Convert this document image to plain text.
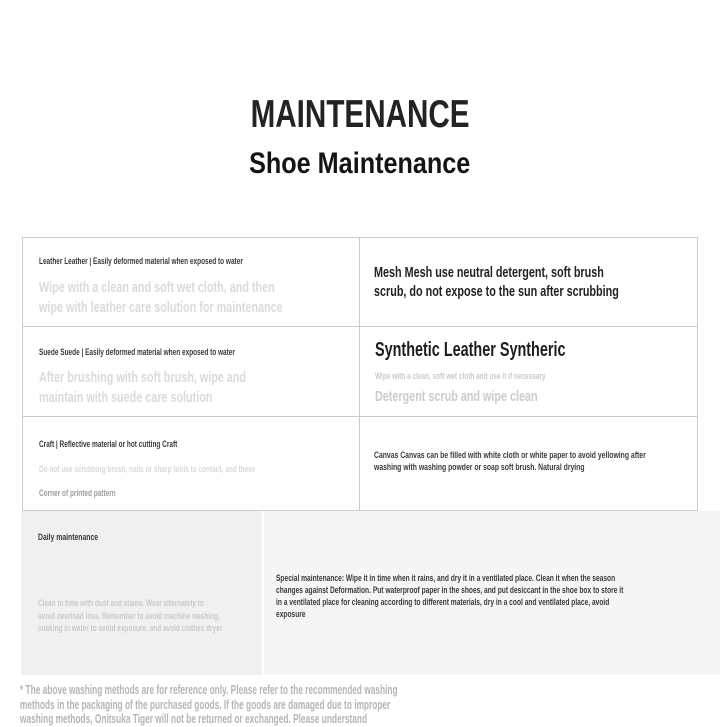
MAINTENANCE
Shoe Maintenance
Leather Leather | Easily deformed material when exposed to water
Wipe with a clean and soft wet cloth, and then
wipe with leather care solution for maintenance
Mesh Mesh use neutral detergent, soft brush
scrub, do not expose to the sun after scrubbing
Suede Suede | Easily deformed material when exposed to water
After brushing with soft brush, wipe and
maintain with suede care solution
Synthetic Leather Syntheric
Wipe with a clean, soft wet cloth and use it if necessary
Detergent scrub and wipe clean
Craft | Reflective material or hot cutting Craft
Do not use scrubbing brush, nails or sharp tools to contact, and these
Corner of printed pattern
Canvas Canvas can be filled with white cloth or white paper to avoid yellowing after
washing with washing powder or soap soft brush. Natural drying
Daily maintenance
Clean in time with dust and stains. Wear alternately to
avoid overload loss. Remember to avoid machine washing,
soaking in water to avoid exposure, and avoid clothes dryer
Special maintenance: Wipe it in time when it rains, and dry it in a ventilated place. Clean it when the season
changes against Deformation. Put waterproof paper in the shoes, and put desiccant in the shoe box to store it
in a ventilated place for cleaning according to different materials, dry in a cool and ventilated place, avoid
exposure
* The above washing methods are for reference only. Please refer to the recommended washing
methods in the packaging of the purchased goods. If the goods are damaged due to improper
washing methods, Onitsuka Tiger will not be returned or exchanged. Please understand
